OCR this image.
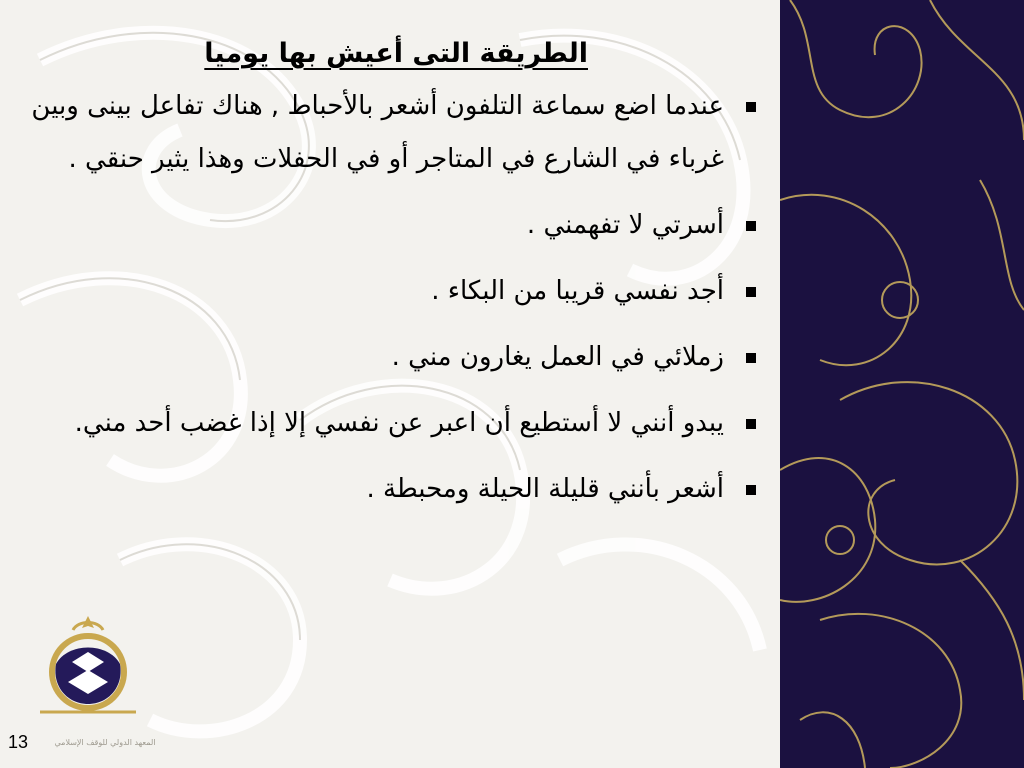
الطريقة التى أعيش بها يوميا
عندما اضع سماعة التلفون أشعر بالأحباط , هناك تفاعل بينى وبين غرباء في الشارع في المتاجر أو في الحفلات وهذا يثير حنقي .
أسرتي لا تفهمني .
أجد نفسي قريبا من البكاء .
زملائي في العمل يغارون مني .
يبدو أنني لا أستطيع أن اعبر عن نفسي إلا إذا غضب أحد مني.
أشعر بأنني قليلة الحيلة ومحبطة .
المعهد الدولي للوقف الإسلامي
13
